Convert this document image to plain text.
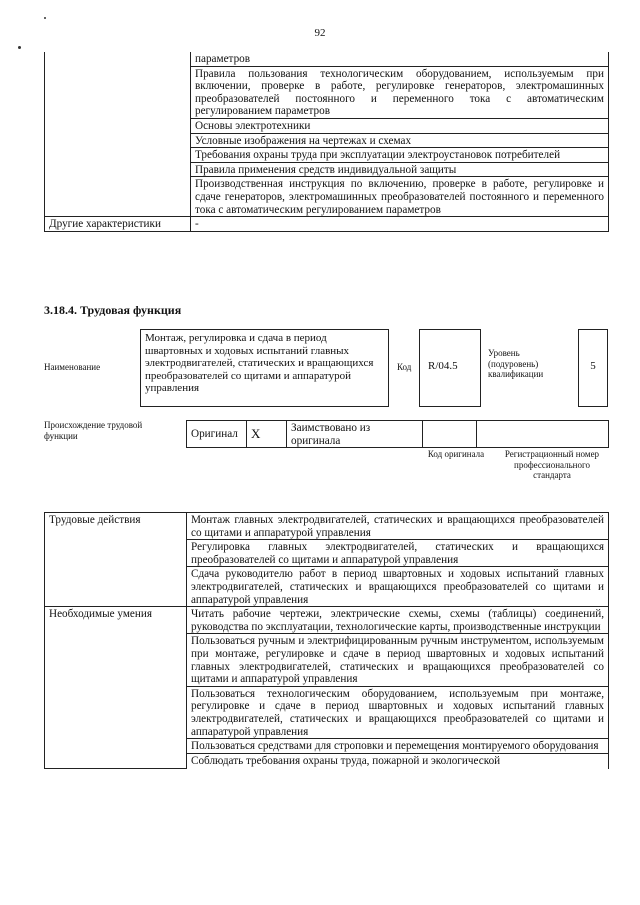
92
	параметров
	Правила пользования технологическим оборудованием, используемым при включении, проверке в работе, регулировке генераторов, электромашинных преобразователей постоянного и переменного тока с автоматическим регулированием параметров
	Основы электротехники
	Условные изображения на чертежах и схемах
	Требования охраны труда при эксплуатации электроустановок потребителей
	Правила применения средств индивидуальной защиты
	Производственная инструкция по включению, проверке в работе, регулировке и сдаче генераторов, электромашинных преобразователей постоянного и переменного тока с автоматическим регулированием параметров
Другие характеристики	-
3.18.4. Трудовая функция
Наименование
Монтаж, регулировка и сдача в период швартовных и ходовых испытаний главных электродвигателей, статических и вращающихся преобразователей со щитами и аппаратурой управления
Код	R/04.5
Уровень (подуровень) квалификации
5
Происхождение трудовой функции	Оригинал	X	Заимствовано из оригинала		
Код оригинала	Регистрационный номер профессионального стандарта
Трудовые действия	Монтаж главных электродвигателей, статических и вращающихся преобразователей со щитами и аппаратурой управления
	Регулировка главных электродвигателей, статических и вращающихся преобразователей со щитами и аппаратурой управления
	Сдача руководителю работ в период швартовных и ходовых испытаний главных электродвигателей, статических и вращающихся преобразователей со щитами и аппаратурой управления
Необходимые умения	Читать рабочие чертежи, электрические схемы, схемы (таблицы) соединений, руководства по эксплуатации, технологические карты, производственные инструкции
	Пользоваться ручным и электрифицированным ручным инструментом, используемым при монтаже, регулировке и сдаче в период швартовных и ходовых испытаний главных электродвигателей, статических и вращающихся преобразователей со щитами и аппаратурой управления
	Пользоваться технологическим оборудованием, используемым при монтаже, регулировке и сдаче в период швартовных и ходовых испытаний главных электродвигателей, статических и вращающихся преобразователей со щитами и аппаратурой управления
	Пользоваться средствами для строповки и перемещения монтируемого оборудования
	Соблюдать требования охраны труда, пожарной и экологической
